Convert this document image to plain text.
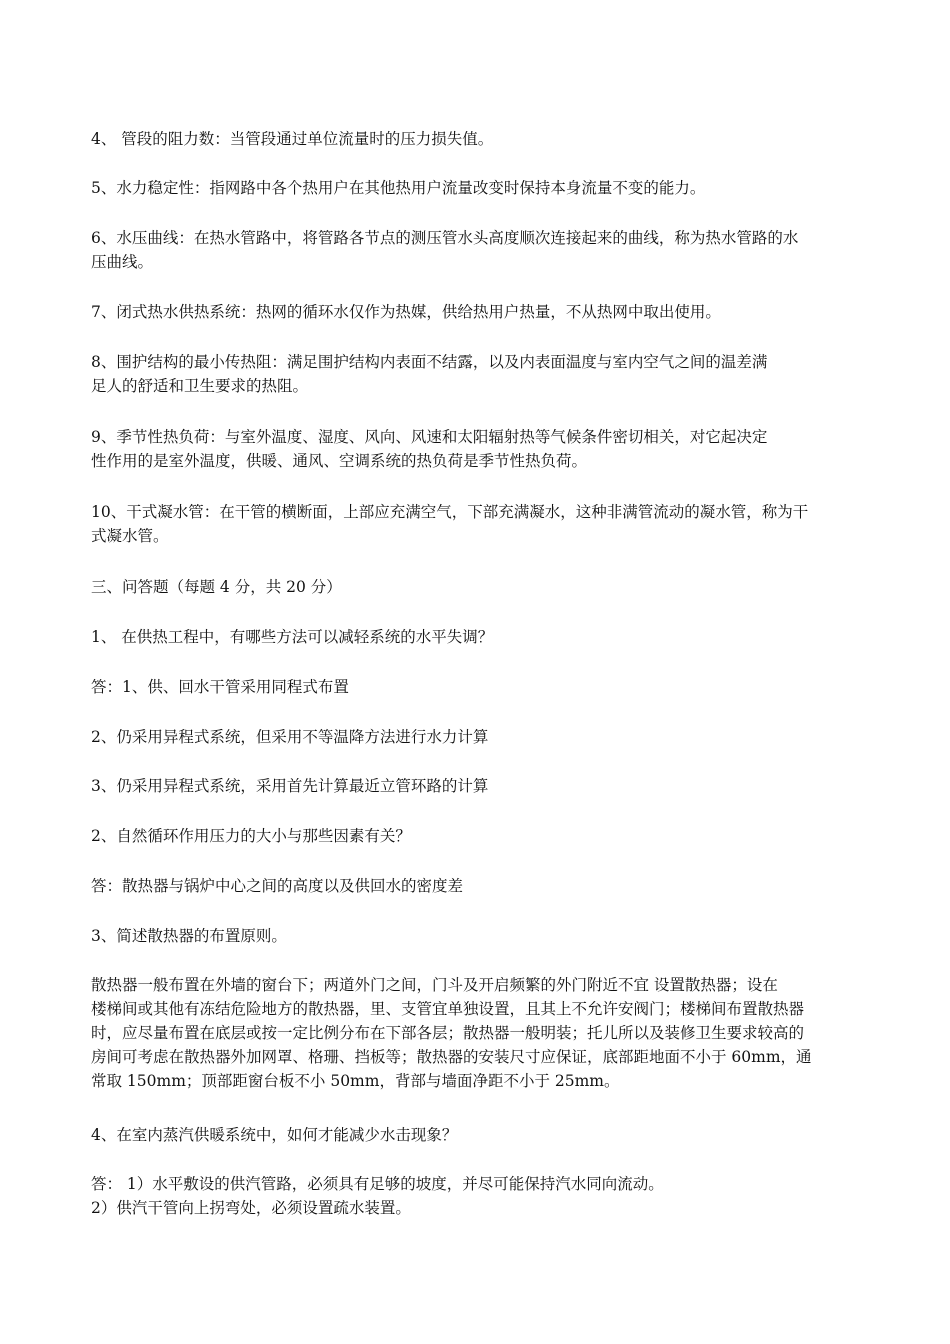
4、 管段的阻力数：当管段通过单位流量时的压力损失值。

5、水力稳定性：指网路中各个热用户在其他热用户流量改变时保持本身流量不变的能力。

6、水压曲线：在热水管路中，将管路各节点的测压管水头高度顺次连接起来的曲线，称为热水管路的水
压曲线。

7、闭式热水供热系统：热网的循环水仅作为热媒，供给热用户热量，不从热网中取出使用。

8、围护结构的最小传热阻：满足围护结构内表面不结露，以及内表面温度与室内空气之间的温差满
足人的舒适和卫生要求的热阻。

9、季节性热负荷：与室外温度、湿度、风向、风速和太阳辐射热等气候条件密切相关，对它起决定
性作用的是室外温度，供暖、通风、空调系统的热负荷是季节性热负荷。

10、干式凝水管：在干管的横断面，上部应充满空气，下部充满凝水，这种非满管流动的凝水管，称为干
式凝水管。

三、问答题（每题 4 分，共 20 分）

1、 在供热工程中，有哪些方法可以减轻系统的水平失调？

答：1、供、回水干管采用同程式布置

2、仍采用异程式系统，但采用不等温降方法进行水力计算

3、仍采用异程式系统，采用首先计算最近立管环路的计算

2、自然循环作用压力的大小与那些因素有关？

答：散热器与锅炉中心之间的高度以及供回水的密度差

3、简述散热器的布置原则。

散热器一般布置在外墙的窗台下；两道外门之间，门斗及开启频繁的外门附近不宜 设置散热器；设在
楼梯间或其他有冻结危险地方的散热器，里、支管宜单独设置，且其上不允许安阀门；楼梯间布置散热器
时，应尽量布置在底层或按一定比例分布在下部各层；散热器一般明装；托儿所以及装修卫生要求较高的
房间可考虑在散热器外加网罩、格珊、挡板等；散热器的安装尺寸应保证，底部距地面不小于 60mm，通
常取 150mm；顶部距窗台板不小 50mm，背部与墙面净距不小于 25mm。

4、在室内蒸汽供暖系统中，如何才能减少水击现象？

答： 1）水平敷设的供汽管路，必须具有足够的坡度，并尽可能保持汽水同向流动。
2）供汽干管向上拐弯处，必须设置疏水装置。
